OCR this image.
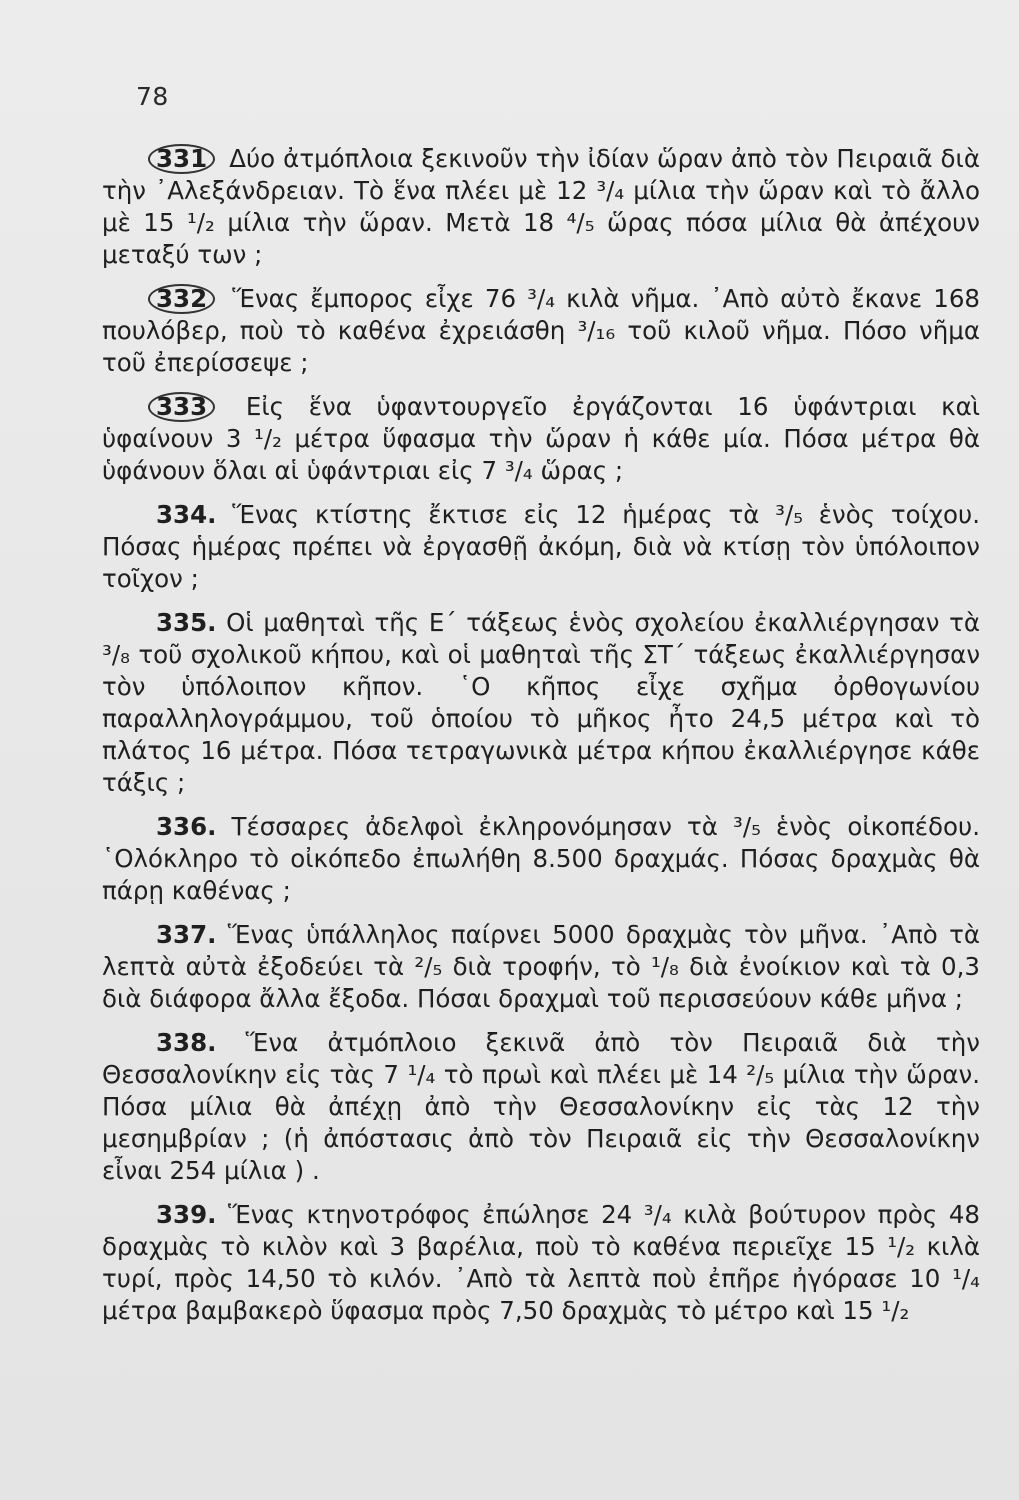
78

331 Δύο ἀτμόπλοια ξεκινοῦν τὴν ἰδίαν ὥραν ἀπὸ τὸν Πειραιᾶ διὰ τὴν ᾿Αλεξάνδρειαν. Τὸ ἕνα πλέει μὲ 12 ³/₄ μίλια τὴν ὥραν καὶ τὸ ἄλλο μὲ 15 ¹/₂ μίλια τὴν ὥραν. Μετὰ 18 ⁴/₅ ὥρας πόσα μίλια θὰ ἀπέχουν μεταξύ των ;

332 Ἕνας ἔμπορος εἶχε 76 ³/₄ κιλὰ νῆμα. ᾿Απὸ αὐτὸ ἔκανε 168 πουλόβερ, ποὺ τὸ καθένα ἐχρειάσθη ³/₁₆ τοῦ κιλοῦ νῆμα. Πόσο νῆμα τοῦ ἐπερίσσεψε ;

333 Εἰς ἕνα ὑφαντουργεῖο ἐργάζονται 16 ὑφάντριαι καὶ ὑφαίνουν 3 ¹/₂ μέτρα ὕφασμα τὴν ὥραν ἡ κάθε μία. Πόσα μέτρα θὰ ὑφάνουν ὅλαι αἱ ὑφάντριαι εἰς 7 ³/₄ ὥρας ;

334. Ἕνας κτίστης ἔκτισε εἰς 12 ἡμέρας τὰ ³/₅ ἑνὸς τοίχου. Πόσας ἡμέρας πρέπει νὰ ἐργασθῇ ἀκόμη, διὰ νὰ κτίσῃ τὸν ὑπόλοιπον τοῖχον ;

335. Οἱ μαθηταὶ τῆς Ε΄ τάξεως ἑνὸς σχολείου ἐκαλλιέργησαν τὰ ³/₈ τοῦ σχολικοῦ κήπου, καὶ οἱ μαθηταὶ τῆς ΣΤ΄ τάξεως ἐκαλλιέργησαν τὸν ὑπόλοιπον κῆπον. ῾Ο κῆπος εἶχε σχῆμα ὀρθογωνίου παραλληλογράμμου, τοῦ ὁποίου τὸ μῆκος ἦτο 24,5 μέτρα καὶ τὸ πλάτος 16 μέτρα. Πόσα τετραγωνικὰ μέτρα κήπου ἐκαλλιέργησε κάθε τάξις ;

336. Τέσσαρες ἀδελφοὶ ἐκληρονόμησαν τὰ ³/₅ ἑνὸς οἰκοπέδου. ῾Ολόκληρο τὸ οἰκόπεδο ἐπωλήθη 8.500 δραχμάς. Πόσας δραχμὰς θὰ πάρῃ καθένας ;

337. Ἕνας ὑπάλληλος παίρνει 5000 δραχμὰς τὸν μῆνα. ᾿Απὸ τὰ λεπτὰ αὐτὰ ἐξοδεύει τὰ ²/₅ διὰ τροφήν, τὸ ¹/₈ διὰ ἐνοίκιον καὶ τὰ 0,3 διὰ διάφορα ἄλλα ἔξοδα. Πόσαι δραχμαὶ τοῦ περισσεύουν κάθε μῆνα ;

338. Ἕνα ἀτμόπλοιο ξεκινᾶ ἀπὸ τὸν Πειραιᾶ διὰ τὴν Θεσσαλονίκην εἰς τὰς 7 ¹/₄ τὸ πρωὶ καὶ πλέει μὲ 14 ²/₅ μίλια τὴν ὥραν. Πόσα μίλια θὰ ἀπέχῃ ἀπὸ τὴν Θεσσαλονίκην εἰς τὰς 12 τὴν μεσημβρίαν ; (ἡ ἀπόστασις ἀπὸ τὸν Πειραιᾶ εἰς τὴν Θεσσαλονίκην εἶναι 254 μίλια ) .

339. Ἕνας κτηνοτρόφος ἐπώλησε 24 ³/₄ κιλὰ βούτυρον πρὸς 48 δραχμὰς τὸ κιλὸν καὶ 3 βαρέλια, ποὺ τὸ καθένα περιεῖχε 15 ¹/₂ κιλὰ τυρί, πρὸς 14,50 τὸ κιλόν. ᾿Απὸ τὰ λεπτὰ ποὺ ἐπῆρε ἠγόρασε 10 ¹/₄ μέτρα βαμβακερὸ ὕφασμα πρὸς 7,50 δραχμὰς τὸ μέτρο καὶ 15 ¹/₂
